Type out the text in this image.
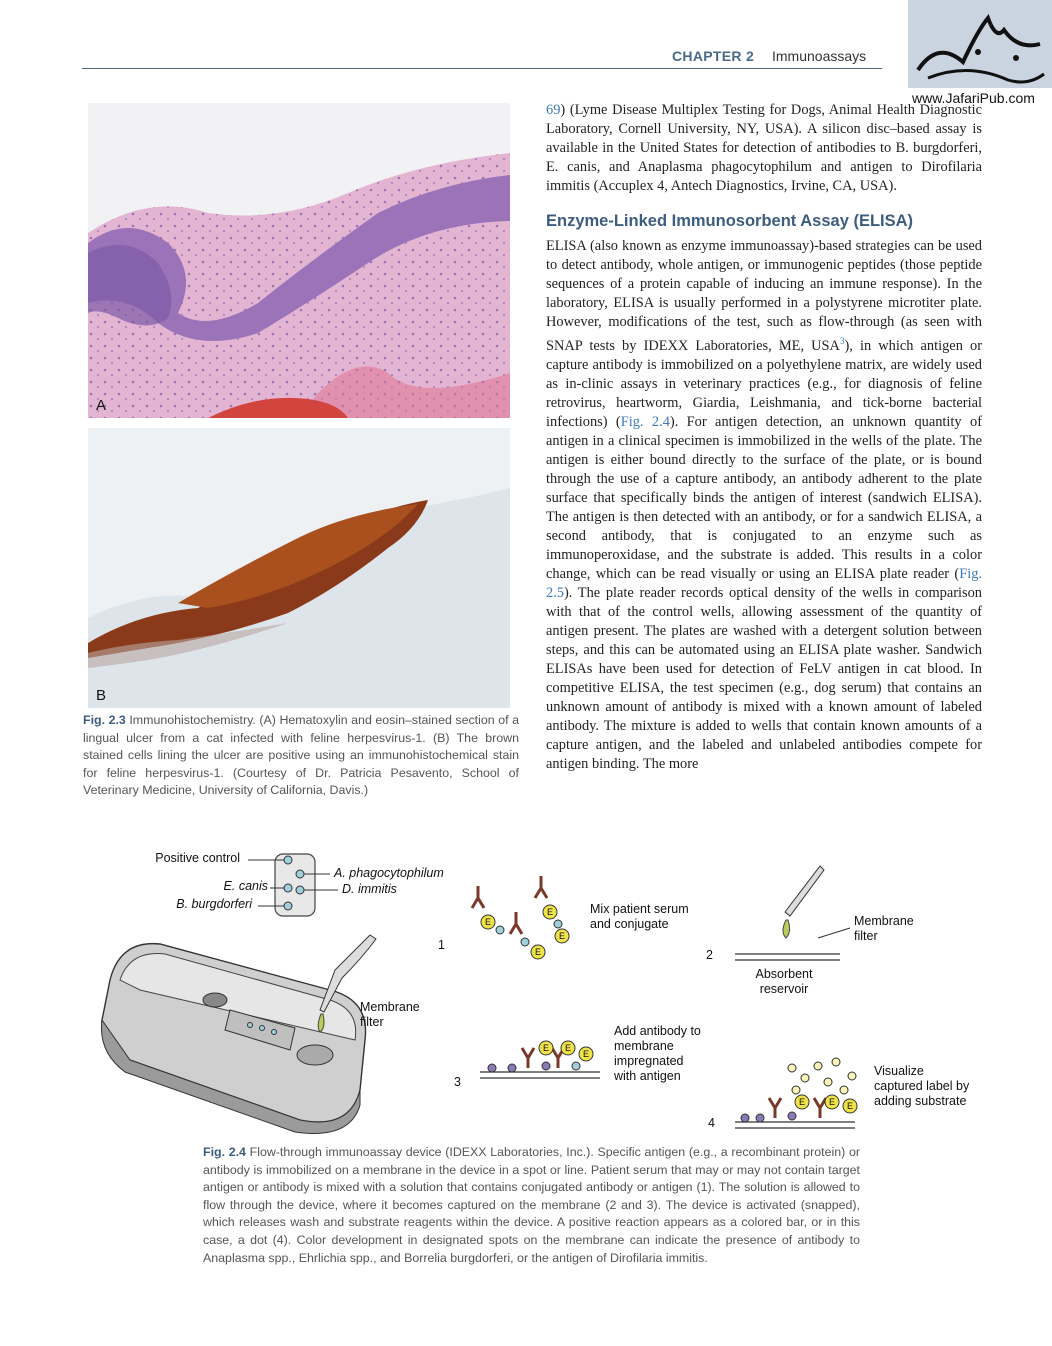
CHAPTER 2 Immunoassays
www.JafariPub.com
A
B
Fig. 2.3 Immunohistochemistry. (A) Hematoxylin and eosin–stained section of a lingual ulcer from a cat infected with feline herpesvirus-1. (B) The brown stained cells lining the ulcer are positive using an immunohistochemical stain for feline herpesvirus-1. (Courtesy of Dr. Patricia Pesavento, School of Veterinary Medicine, University of California, Davis.)

69) (Lyme Disease Multiplex Testing for Dogs, Animal Health Diagnostic Laboratory, Cornell University, NY, USA). A silicon disc–based assay is available in the United States for detection of antibodies to B. burgdorferi, E. canis, and Anaplasma phagocytophilum and antigen to Dirofilaria immitis (Accuplex 4, Antech Diagnostics, Irvine, CA, USA).

Enzyme-Linked Immunosorbent Assay (ELISA)

ELISA (also known as enzyme immunoassay)-based strategies can be used to detect antibody, whole antigen, or immunogenic peptides (those peptide sequences of a protein capable of inducing an immune response). In the laboratory, ELISA is usually performed in a polystyrene microtiter plate. However, modifications of the test, such as flow-through (as seen with SNAP tests by IDEXX Laboratories, ME, USA$^3$), in which antigen or capture antibody is immobilized on a polyethylene matrix, are widely used as in-clinic assays in veterinary practices (e.g., for diagnosis of feline retrovirus, heartworm, Giardia, Leishmania, and tick-borne bacterial infections) (Fig. 2.4). For antigen detection, an unknown quantity of antigen in a clinical specimen is immobilized in the wells of the plate. The antigen is either bound directly to the surface of the plate, or is bound through the use of a capture antibody, an antibody adherent to the plate surface that specifically binds the antigen of interest (sandwich ELISA). The antigen is then detected with an antibody, or for a sandwich ELISA, a second antibody, that is conjugated to an enzyme such as immunoperoxidase, and the substrate is added. This results in a color change, which can be read visually or using an ELISA plate reader (Fig. 2.5). The plate reader records optical density of the wells in comparison with that of the control wells, allowing assessment of the quantity of antigen present. The plates are washed with a detergent solution between steps, and this can be automated using an ELISA plate washer. Sandwich ELISAs have been used for detection of FeLV antigen in cat blood. In competitive ELISA, the test specimen (e.g., dog serum) that contains an unknown amount of antibody is mixed with a known amount of labeled antibody. The mixture is added to wells that contain known amounts of a capture antigen, and the labeled and unlabeled antibodies compete for antigen binding. The more

E
E
E
E
E E
E
E	E E
Positive control
E. canis
B. burgdorferi
A. phagocytophilum
D. immitis
Membrane filter
1
Mix patient serum and conjugate
2
Membrane filter
Absorbent reservoir
3
Add antibody to membrane impregnated with antigen
4
Visualize captured label by adding substrate
Fig. 2.4 Flow-through immunoassay device (IDEXX Laboratories, Inc.). Specific antigen (e.g., a recombinant protein) or antibody is immobilized on a membrane in the device in a spot or line. Patient serum that may or may not contain target antigen or antibody is mixed with a solution that contains conjugated antibody or antigen (1). The solution is allowed to flow through the device, where it becomes captured on the membrane (2 and 3). The device is activated (snapped), which releases wash and substrate reagents within the device. A positive reaction appears as a colored bar, or in this case, a dot (4). Color development in designated spots on the membrane can indicate the presence of antibody to Anaplasma spp., Ehrlichia spp., and Borrelia burgdorferi, or the antigen of Dirofilaria immitis.
